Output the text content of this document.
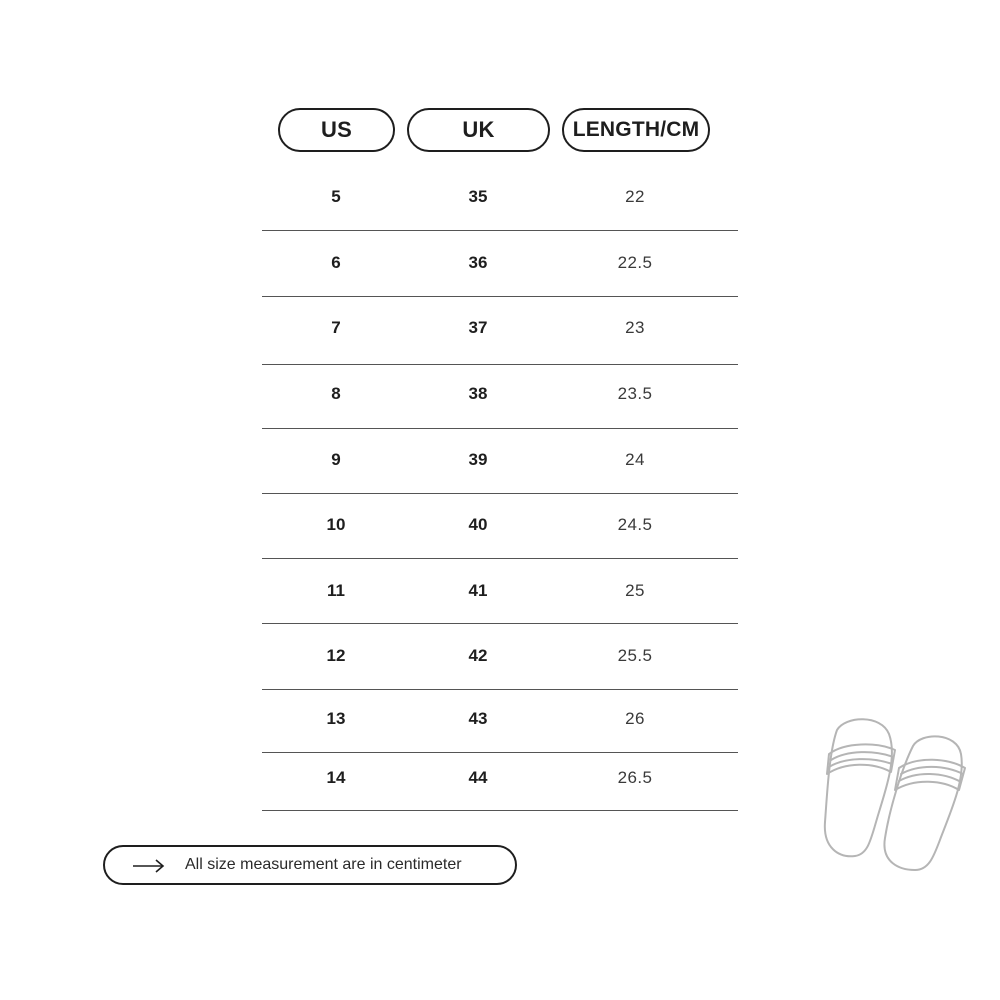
US	UK	LENGTH/CM
5	35	22
6	36	22.5
7	37	23
8	38	23.5
9	39	24
10	40	24.5
11	41	25
12	42	25.5
13	43	26
14	44	26.5
All size measurement are in centimeter
